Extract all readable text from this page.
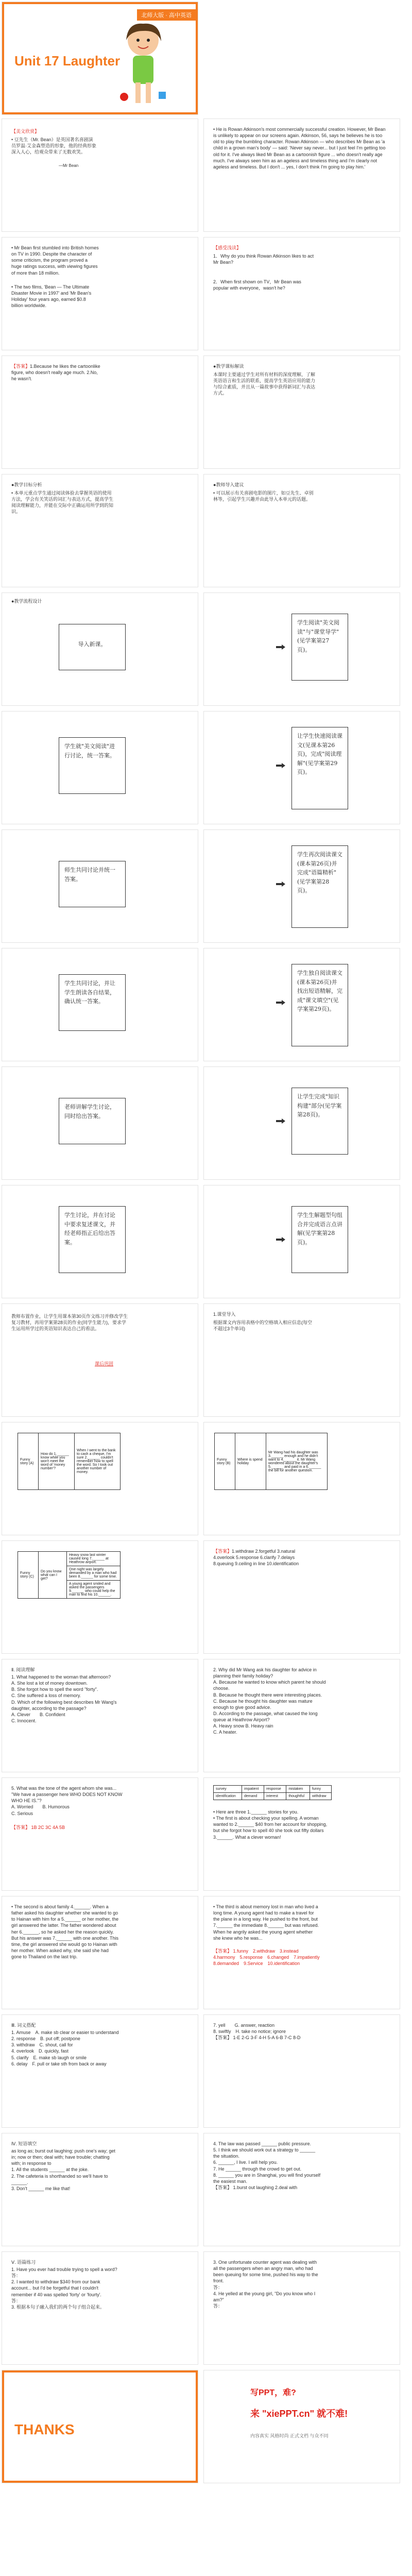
北师大版 · 高中英语
Unit 17 Laughter
【美文欣赏】
• 豆先生（Mr. Bean）是英国著名喜剧演员罗温·艾金森塑造的形象，他的经典形象深入人心，给观众带来了无数欢笑。
—Mr Bean
• He is Rowan Atkinson's most commercially successful creation. However, Mr Bean is unlikely to appear on our screens again. Atkinson, 56, says he believes he is too old to play the bumbling character. Rowan Atkinson — who describes Mr Bean as 'a child in a grown man's body' — said: 'Never say never... but I just feel I'm getting too old for it. I've always liked Mr Bean as a cartoonish figure ... who doesn't really age much. I've always seen him as an ageless and timeless thing and I'm clearly not ageless and timeless. But I don't ... yes, I don't think I'm going to play him.'
• Mr Bean first stumbled into British homes on TV in 1990. Despite the character of some criticism, the program proved a huge ratings success, with viewing figures of more than 18 million.
• The two films, 'Bean — The Ultimate Disaster Movie in 1997' and 'Mr Bean's Holiday' four years ago, earned $0.8 billion worldwide.
【感受浅读】
1．Why do you think Rowan Atkinson likes to act Mr Bean?
2．When first shown on TV，Mr Bean was popular with everyone，wasn't he?
【答案】1.Because he likes the cartoonlike figure, who doesn't really age much. 2.No, he wasn't.
●教学课标解读
本课时主要通过学生对所有材料的深度理解，了解英语语言和生活的联系，提高学生英语应用的能力与综合素质，并且从一篇故事中获得新词汇与表达方式。
●教学目标分析
• 本单元重点学生通过阅读体验去掌握英语的使用方法，学会有关笑话的词汇与表达方式，提高学生阅读理解能力，并能在交际中正确运用所学到的知识。
●教师导入建议
• 可以展示有关喜剧电影的图片，如豆先生、卓别林等，引起学生兴趣并由此导入本单元的话题。
●教学流程设计
导入新课。
学生阅读"美文阅读"与"课堂导学"(见学案第27页)。
学生就"美文阅读"进行讨论，统一答案。
让学生快速阅读课文(见课本第26页)，完成"阅读理解"(见学案第29页)。
师生共同讨论并统一答案。
学生再次阅读课文(课本第26页)并完成"语篇精析"(见学案第28页)。
学生共同讨论，并让学生朗读各自结果，确认统一答案。
学生独自阅读课文(课本第26页)并找出短语精解，完成"课文填空"(见学案第29页)。
老师讲解学生讨论，同时给出答案。
让学生完成"知识构建"部分(见学案第28页)。
学生讨论，并在讨论中要求复述课文，并经老师指正后给出答案。
学生生解题型句组合并完成语言点讲解(见学案第28页)。
教师布置作业，让学生用课本第30页作文练习并修改学生复习教材，再用学案第28页的作业(同学生能力)，要求学生运用所学过的英语知识表达自己的看法。
课后巩固
1.课堂导入
根据课文内容用表格中的空格填入相应信息(每空不超过3个单词)
Funny story (A)	How do 1.______ know while you won't meet the word of 'money number'?	When I went to the bank to cash a cheque, I'm sure 2.______ couldn't remember how to spell the word. So I took out another number of money.
Funny story (B)	Where is spend holiday	Mr Wang had his daughter was 3.______ enough and he didn't want to 4.______ it. Mr Wang wondered about the daughter's 5.______ and paid in a 6.______ the bill for another question.
Funny story (C)	Do you know what can I get?	Heavy snow last winter caused long 7.______ at Heathrow airport.
One night was largely demanded by a man who had been 8.______ for some time.
A young agent smiled and asked the passengers 9.______ who could help the man to find his 10.______.
【答案】1.withdraw 2.forgetful 3.natural 4.overlook 5.response 6.clarify 7.delays 8.queuing 9.ceiling in line 10.identification
Ⅱ. 阅读理解
1. What happened to the woman that afternoon?
A. She lost a lot of money downtown.
B. She forgot how to spell the word "forty".
C. She suffered a loss of memory.
D. Which of the following best describes Mr Wang's daughter, according to the passage?
A. Clever　　B. Confident
C. Innocent.
2. Why did Mr Wang ask his daughter for advice in planning their family holiday?
A. Because he wanted to know which parent he should choose.
B. Because he thought there were interesting places.
C. Because he thought his daughter was mature enough to give good advice.
D. According to the passage, what caused the long queue at Heathrow Airport?
A. Heavy snow B. Heavy rain
C. A heater.
5. What was the tone of the agent whom she was... "We have a passenger here WHO DOES NOT KNOW WHO HE IS."?
A. Worried　　B. Humorous
C. Serious
【答案】 1B 2C 3C 4A 5B
survey	impatient	response	mistaken	funny
identification	demand	interest	thoughtful	withdraw
• Here are three 1.______ stories for you.
• The first is about checking your spelling. A woman wanted to 2.______ $40 from her account for shopping, but she forgot how to spell 40 she took out fifty dollars 3.______. What a clever woman!
• The second is about family 4.______. When a father asked his daughter whether she wanted to go to Hainan with him for a 5.______ or her mother, the girl answered the latter. The father wondered about her 6.______, so he asked her the reason quickly. But his answer was 7.______ with one another. This time, the girl answered she would go to Hainan with her mother. When asked why, she said she had gone to Thailand on the last trip.
• The third is about memory lost in man who lived a long time. A young agent had to make a travel for the plane in a long way. He pushed to the front, but 7.______ the immediate 8.______ but was refused. When he angrily asked the young agent whether she knew who he was...
【答案】 1.funny　2.withdraw　3.instead　4.harmony　5.response　6.changed　7.impatiently　8.demanded　9.Service　10.identification
Ⅲ. 词义搭配
1. Amuse　A. make sb clear or easier to understand
2. response　B. put off; postpone
3. withdraw　C. shout, call for
4. overlook　D. quickly, fast
5. clarify　E. make sb laugh or smile
6. delay　F. pull or take sth from back or away
7. yell　　G. answer, reaction
8. swiftly　H. take no notice; ignore
【答案】 1-E 2-G 3-F 4-H 5-A 6-B 7-C 8-D
Ⅳ. 短语填空
as long as; burst out laughing; push one's way; get in; now or then; deal with; have trouble; chatting with; in response to
1. All the students ______ at the joke.
2. The cafeteria is shorthanded so we'll have to ______.
3. Don't ______ me like that!
4. The law was passed ______ public pressure.
5. I think we should work out a strategy to ______ the situation.
6. ______, I live. I will help you.
7. He ______ through the crowd to get out.
8. ______ you are in Shanghai, you will find yourself the easiest man.
【答案】 1.burst out laughing 2.deal with
Ⅴ. 语篇练习
1. Have you ever had trouble trying to spell a word?
答：
2. I wanted to withdraw $340 from our bank account... but I'd be forgetful that I couldn't remember if 40 was spelled 'forty' or 'fourty'.
答：
3. 根据本句子融入我们的两个句子组合起来。
3. One unfortunate counter agent was dealing with all the passengers when an angry man, who had been queuing for some time, pushed his way to the front.
答：
4. He yelled at the young girl, "Do you know who I am?"
答：
THANKS
写PPT，难?
来 "xiePPT.cn" 就不难!
内容真实 风格时尚 正式文档 与众不同
